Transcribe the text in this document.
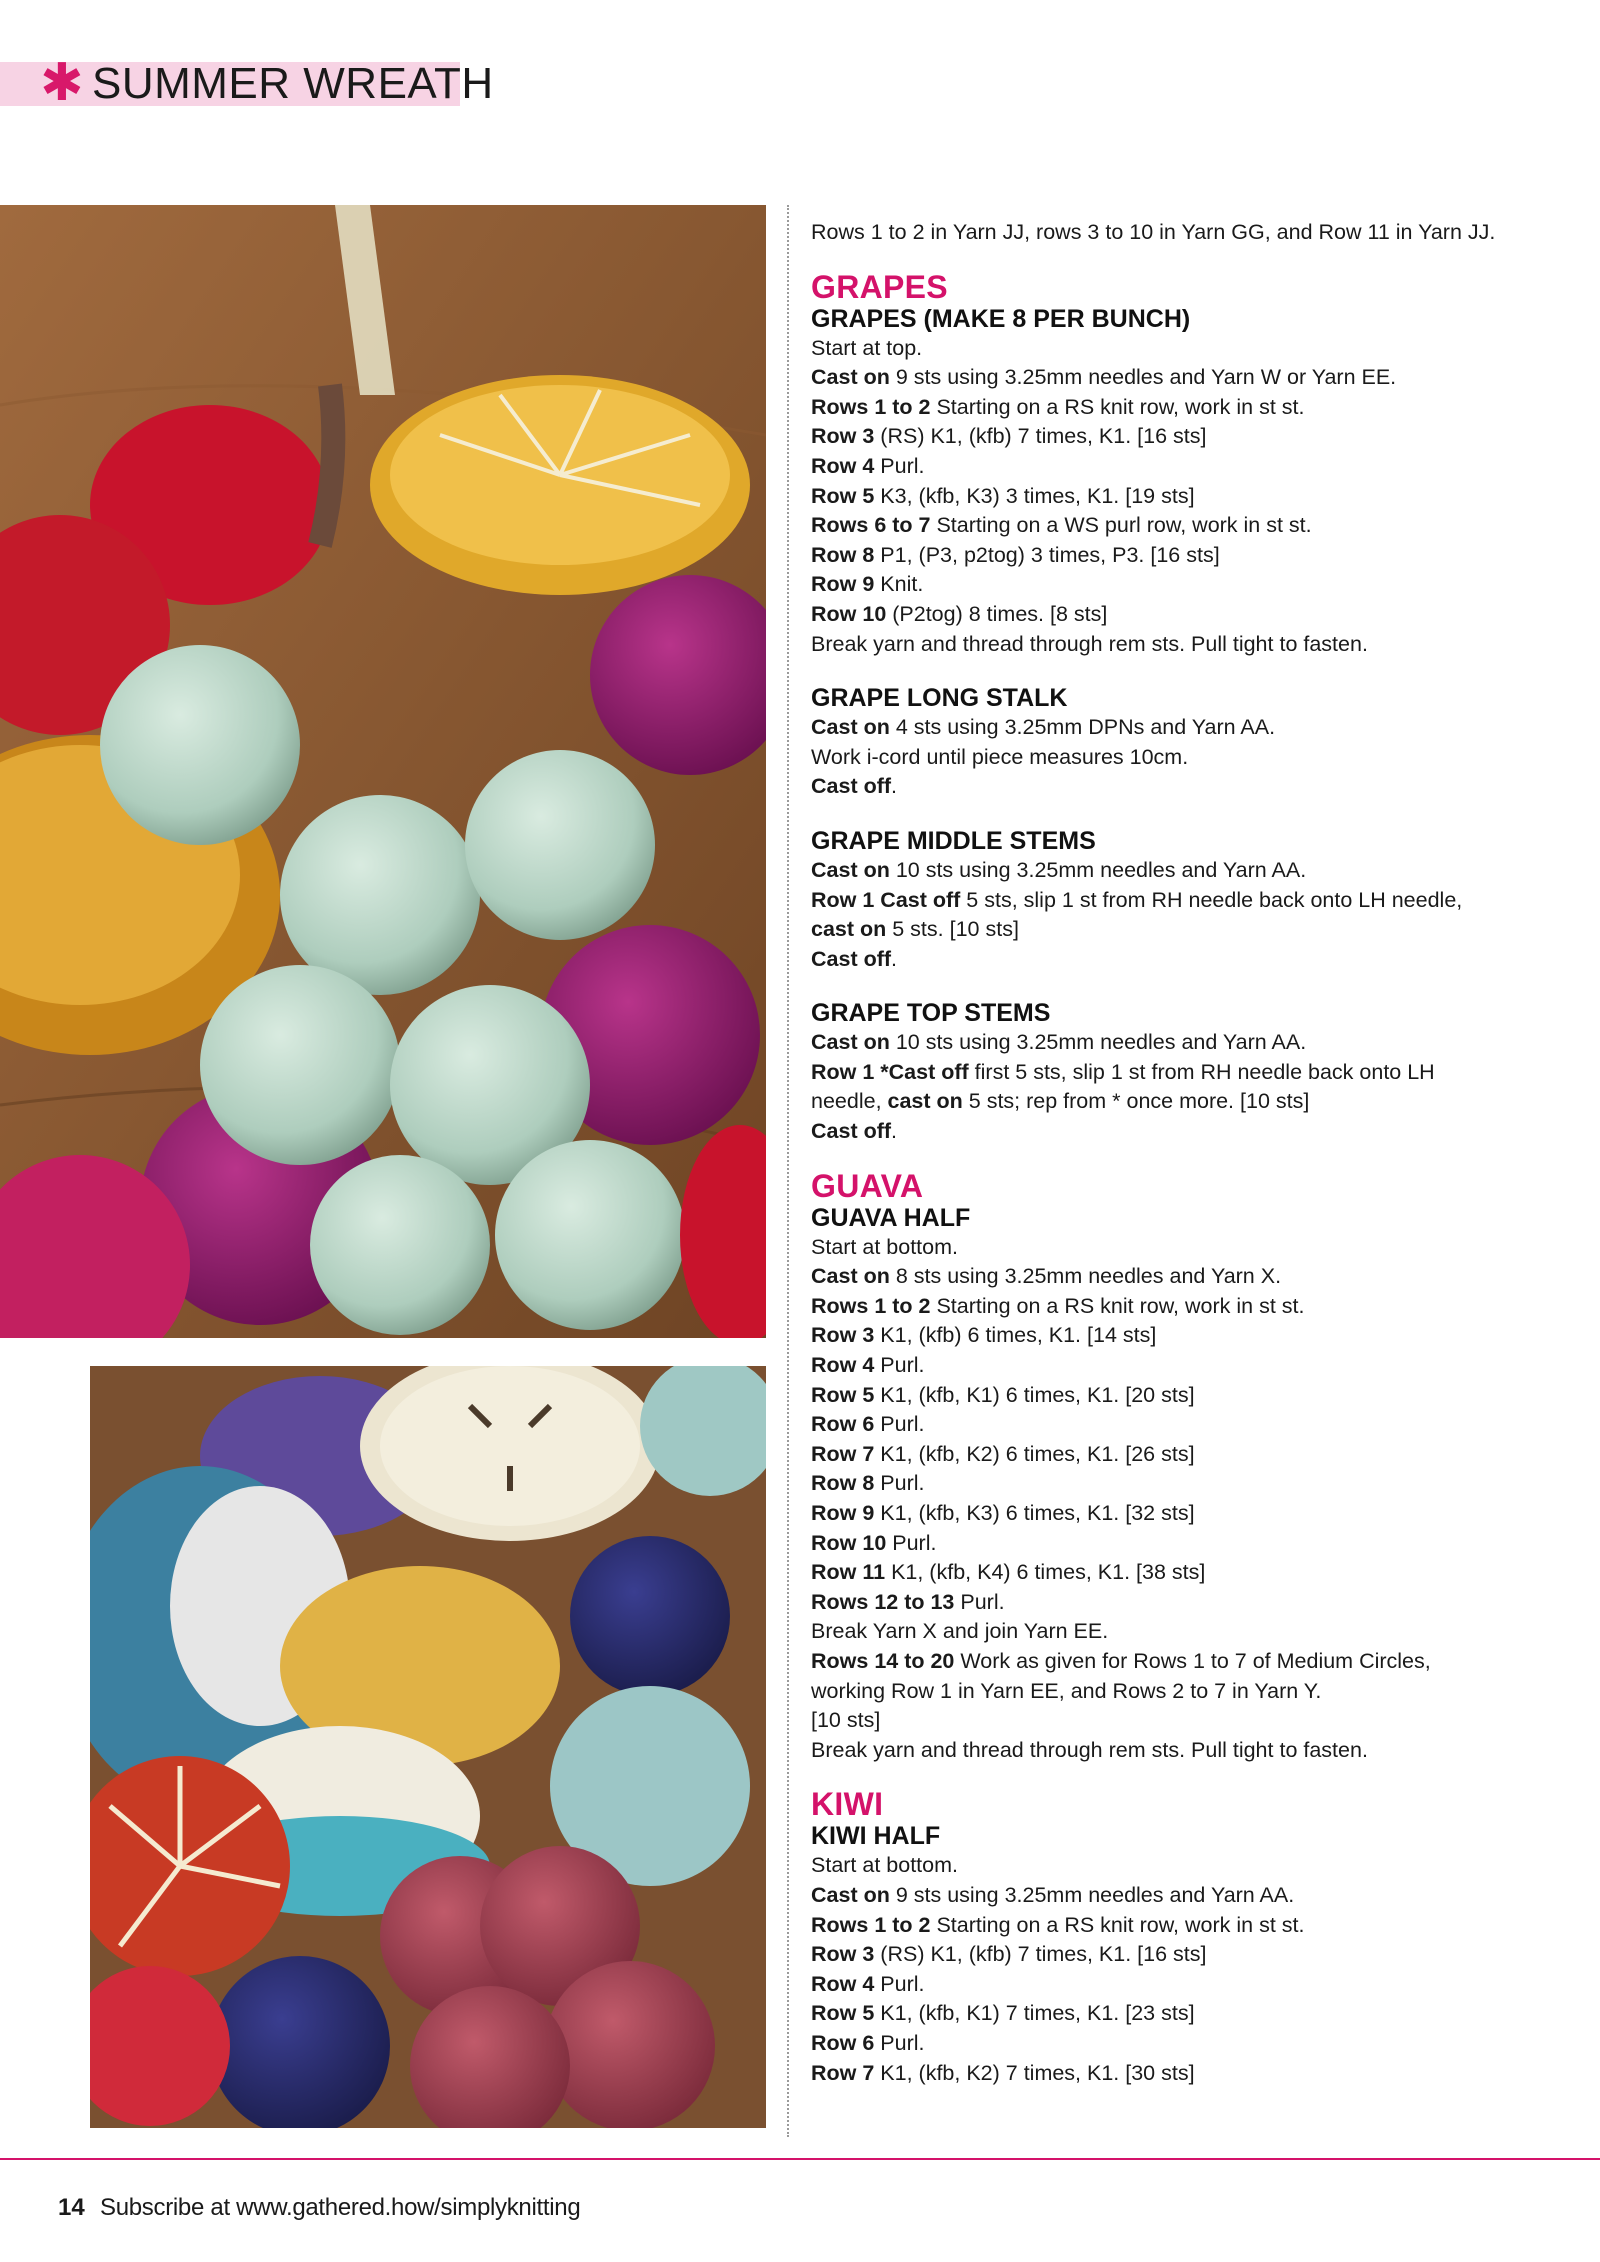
✱ SUMMER WREATH

Rows 1 to 2 in Yarn JJ, rows 3 to 10 in Yarn GG, and Row 11 in Yarn JJ.

GRAPES

GRAPES (MAKE 8 PER BUNCH)

Start at top.

Cast on 9 sts using 3.25mm needles and Yarn W or Yarn EE.

Rows 1 to 2 Starting on a RS knit row, work in st st.

Row 3 (RS) K1, (kfb) 7 times, K1. [16 sts]

Row 4 Purl.

Row 5 K3, (kfb, K3) 3 times, K1. [19 sts]

Rows 6 to 7 Starting on a WS purl row, work in st st.

Row 8 P1, (P3, p2tog) 3 times, P3. [16 sts]

Row 9 Knit.

Row 10 (P2tog) 8 times. [8 sts]

Break yarn and thread through rem sts. Pull tight to fasten.

GRAPE LONG STALK

Cast on 4 sts using 3.25mm DPNs and Yarn AA.

Work i-cord until piece measures 10cm.

Cast off.

GRAPE MIDDLE STEMS

Cast on 10 sts using 3.25mm needles and Yarn AA.

Row 1 Cast off 5 sts, slip 1 st from RH needle back onto LH needle,

cast on 5 sts. [10 sts]

Cast off.

GRAPE TOP STEMS

Cast on 10 sts using 3.25mm needles and Yarn AA.

Row 1 *Cast off first 5 sts, slip 1 st from RH needle back onto LH

needle, cast on 5 sts; rep from * once more. [10 sts]

Cast off.

GUAVA

GUAVA HALF

Start at bottom.

Cast on 8 sts using 3.25mm needles and Yarn X.

Rows 1 to 2 Starting on a RS knit row, work in st st.

Row 3 K1, (kfb) 6 times, K1. [14 sts]

Row 4 Purl.

Row 5 K1, (kfb, K1) 6 times, K1. [20 sts]

Row 6 Purl.

Row 7 K1, (kfb, K2) 6 times, K1. [26 sts]

Row 8 Purl.

Row 9 K1, (kfb, K3) 6 times, K1. [32 sts]

Row 10 Purl.

Row 11 K1, (kfb, K4) 6 times, K1. [38 sts]

Rows 12 to 13 Purl.

Break Yarn X and join Yarn EE.

Rows 14 to 20 Work as given for Rows 1 to 7 of Medium Circles,

working Row 1 in Yarn EE, and Rows 2 to 7 in Yarn Y.

[10 sts]

Break yarn and thread through rem sts. Pull tight to fasten.

KIWI

KIWI HALF

Start at bottom.

Cast on 9 sts using 3.25mm needles and Yarn AA.

Rows 1 to 2 Starting on a RS knit row, work in st st.

Row 3 (RS) K1, (kfb) 7 times, K1. [16 sts]

Row 4 Purl.

Row 5 K1, (kfb, K1) 7 times, K1. [23 sts]

Row 6 Purl.

Row 7 K1, (kfb, K2) 7 times, K1. [30 sts]

14 Subscribe at www.gathered.how/simplyknitting
